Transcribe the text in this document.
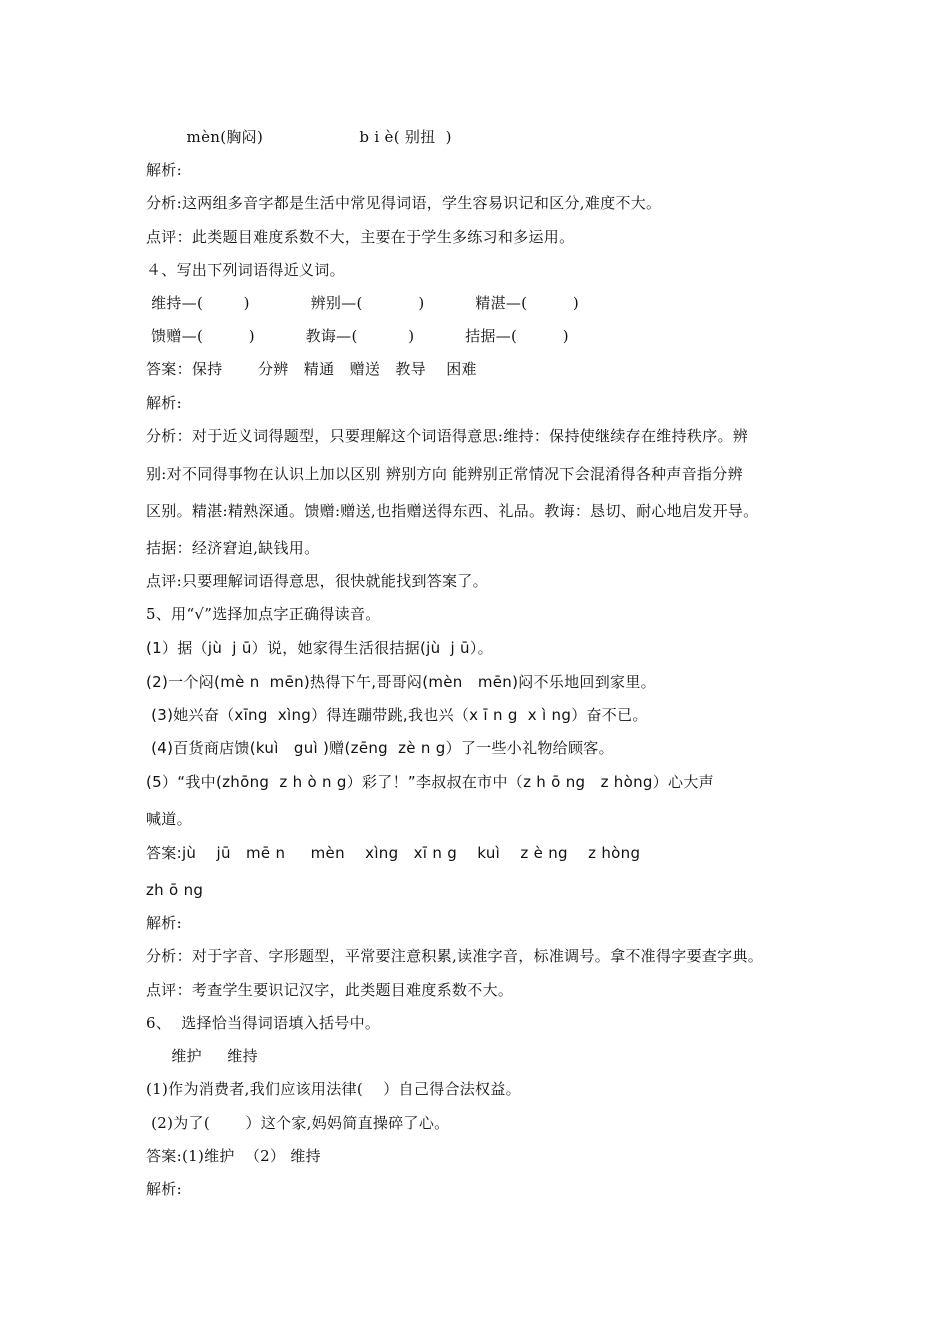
mèn(胸闷)                   b i è( 别扭  )
解析:
分析:这两组多音字都是生活中常见得词语，学生容易识记和区分,难度不大。
点评：此类题目难度系数不大，主要在于学生多练习和多运用。
４、写出下列词语得近义词。
维持—(        )            辨别—(           )          精湛—(         )
馈赠—(         )          教诲—(          )          拮据—(         )
答案：保持       分辨   精通   赠送   教导    困难
解析:
分析：对于近义词得题型，只要理解这个词语得意思:维持：保持使继续存在维持秩序。辨
别:对不同得事物在认识上加以区别 辨别方向 能辨别正常情况下会混淆得各种声音指分辨
区别。精湛:精熟深通。馈赠:赠送,也指赠送得东西、礼品。教诲：恳切、耐心地启发开导。
拮据：经济窘迫,缺钱用。
点评:只要理解词语得意思，很快就能找到答案了。
5、用“√”选择加点字正确得读音。
(1）据（jù  j ū）说，她家得生活很拮据(jù  j ū）。
(2)一个闷(mè n  mēn)热得下午,哥哥闷(mèn   mēn)闷不乐地回到家里。
(3)她兴奋（xīng  xìng）得连蹦带跳,我也兴（x ī n g  x ì ng）奋不已。
(4)百货商店馈(kuì   guì )赠(zēng  zè n g）了一些小礼物给顾客。
(5）“我中(zhōng  z h ò n g）彩了！”李叔叔在市中（z h ō ng   z hòng）心大声
喊道。
答案:jù    jū   mē n     mèn    xìng   xī n g    kuì    z è ng    z hòng
zh ō ng
解析:
分析：对于字音、字形题型，平常要注意积累,读准字音，标准调号。拿不准得字要查字典。
点评：考查学生要识记汉字，此类题目难度系数不大。
6、  选择恰当得词语填入括号中。
维护     维持
(1)作为消费者,我们应该用法律(    ）自己得合法权益。
(2)为了(       ）这个家,妈妈简直操碎了心。
答案:(1)维护  （2） 维持
解析:
